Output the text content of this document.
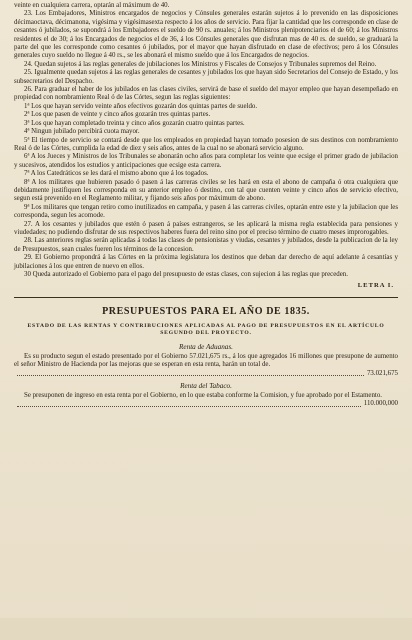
veinte en cualquiera carrera, optarán al máximum de 40.

23. Los Embajadores, Ministros encargados de negocios y Cónsules generales estarán sujetos á lo prevenido en las disposiciones décimaoctava, décimanona, vigésima y vigésimasexta respecto á los años de servicio. Para fijar la cantidad que les corresponde en clase de cesantes ó jubilados, se supondrá á los Embajadores el sueldo de 90 rs. anuales; á los Ministros plenipotenciarios el de 60; á los Ministros residentes el de 30; á los Encargados de negocios el de 36, á los Cónsules generales que disfrutan mas de 40 rs. de sueldo, se graduará la parte del que les corresponde como cesantes ó jubilados, por el mayor que hayan disfrutado en clase de efectivos; pero á los Cónsules generales cuyo sueldo no llegue á 40 rs., se les abonará el mismo sueldo que á los Encargados de negocios.

24. Quedan sujetos á las reglas generales de jubilaciones los Ministros y Fiscales de Consejos y Tribunales supremos del Reino.

25. Igualmente quedan sujetos á las reglas generales de cesantes y jubilados los que hayan sido Secretarios del Consejo de Estado, y los subsecretarios del Despacho.

26. Para graduar el haber de los jubilados en las clases civiles, servirá de base el sueldo del mayor empleo que hayan desempeñado en propiedad con nombramiento Real ó de las Córtes, segun las reglas siguientes:

1ª Los que hayan servido veinte años efectivos gozarán dos quintas partes de sueldo.

2ª Los que pasen de veinte y cinco años gozarán tres quintas partes.

3ª Los que hayan completado treinta y cinco años gozarán cuatro quintas partes.

4ª Ningun jubilado percibirá cuota mayor.

5ª El tiempo de servicio se contará desde que los empleados en propiedad hayan tomado posesion de sus destinos con nombramiento Real ó de las Córtes, cumplida la edad de diez y seis años, antes de la cual no se abonará servicio alguno.

6ª A los Jueces y Ministros de los Tribunales se abonarán ocho años para completar los veinte que ecsige el primer grado de jubilacion y sucesivos, atendidos los estudios y anticipaciones que ecsige esta carrera.

7ª A los Catedráticos se les dará el mismo abono que á los togados.

8ª A los militares que hubieren pasado ó pasen á las carreras civiles se les hará en esta el abono de campaña ó otra cualquiera que debidamente justifiquen les corresponda en su anterior empleo ó destino, con tal que cuenten veinte y cinco años de servicio efectivo, segun está prevenido en el Reglamento militar, y fijando seis años por máximum de abono.

9ª Los militares que tengan retiro como inutilizados en campaña, y pasen á las carreras civiles, optarán entre este y la jubilacion que les corresponda, segun les acomode.

27. A los cesantes y jubilados que estén ó pasen á países estrangeros, se les aplicará la misma regla establecida para pensiones y viudedades; no pudiendo disfrutar de sus respectivos haberes fuera del reino sino por el preciso término de cuatro meses improrogables.

28. Las anteriores reglas serán aplicadas á todas las clases de pensionistas y viudas, cesantes y jubilados, desde la publicacion de la ley de Presupuestos, sean cuales fueren los términos de la concesion.

29. El Gobierno propondrá á las Córtes en la próxima legislatura los destinos que deban dar derecho de aquí adelante á cesantías y jubilaciones á los que entren de nuevo en ellos.

30 Queda autorizado el Gobierno para el pago del presupuesto de estas clases, con sujecion á las reglas que preceden.

LETRA I.

PRESUPUESTOS PARA EL AÑO DE 1835.
ESTADO DE LAS RENTAS Y CONTRIBUCIONES APLICADAS AL PAGO DE PRESUPUESTOS EN EL ARTÍCULO SEGUNDO DEL PROYECTO.
Renta de Aduanas.
Es su producto segun el estado presentado por el Gobierno 57.021,675 rs., á los que agregados 16 millones que presupone de aumento el señor Ministro de Hacienda por las mejoras que se esperan en esta renta, harán un total de.
73.021,675
Renta del Tabaco.
Se presuponen de ingreso en esta renta por el Gobierno, en lo que estaba conforme la Comision, y fue aprobado por el Estamento.
110.000,000
